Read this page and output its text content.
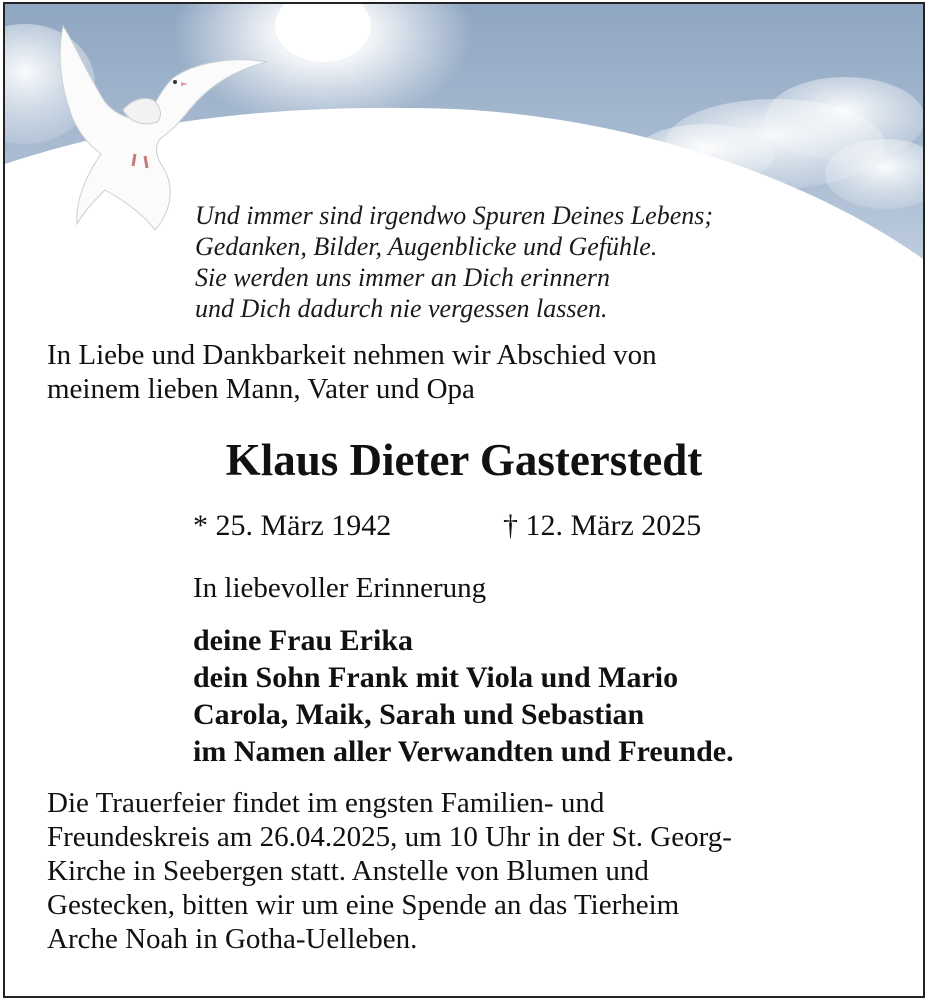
Und immer sind irgendwo Spuren Deines Lebens;
Gedanken, Bilder, Augenblicke und Gefühle.
Sie werden uns immer an Dich erinnern
und Dich dadurch nie vergessen lassen.
In Liebe und Dankbarkeit nehmen wir Abschied von
meinem lieben Mann, Vater und Opa
Klaus Dieter Gasterstedt
* 25. März 1942	† 12. März 2025
In liebevoller Erinnerung
deine Frau Erika
dein Sohn Frank mit Viola und Mario
Carola, Maik, Sarah und Sebastian
im Namen aller Verwandten und Freunde.
Die Trauerfeier findet im engsten Familien- und
Freundeskreis am 26.04.2025, um 10 Uhr in der St. Georg-
Kirche in Seebergen statt. Anstelle von Blumen und
Gestecken, bitten wir um eine Spende an das Tierheim
Arche Noah in Gotha-Uelleben.
